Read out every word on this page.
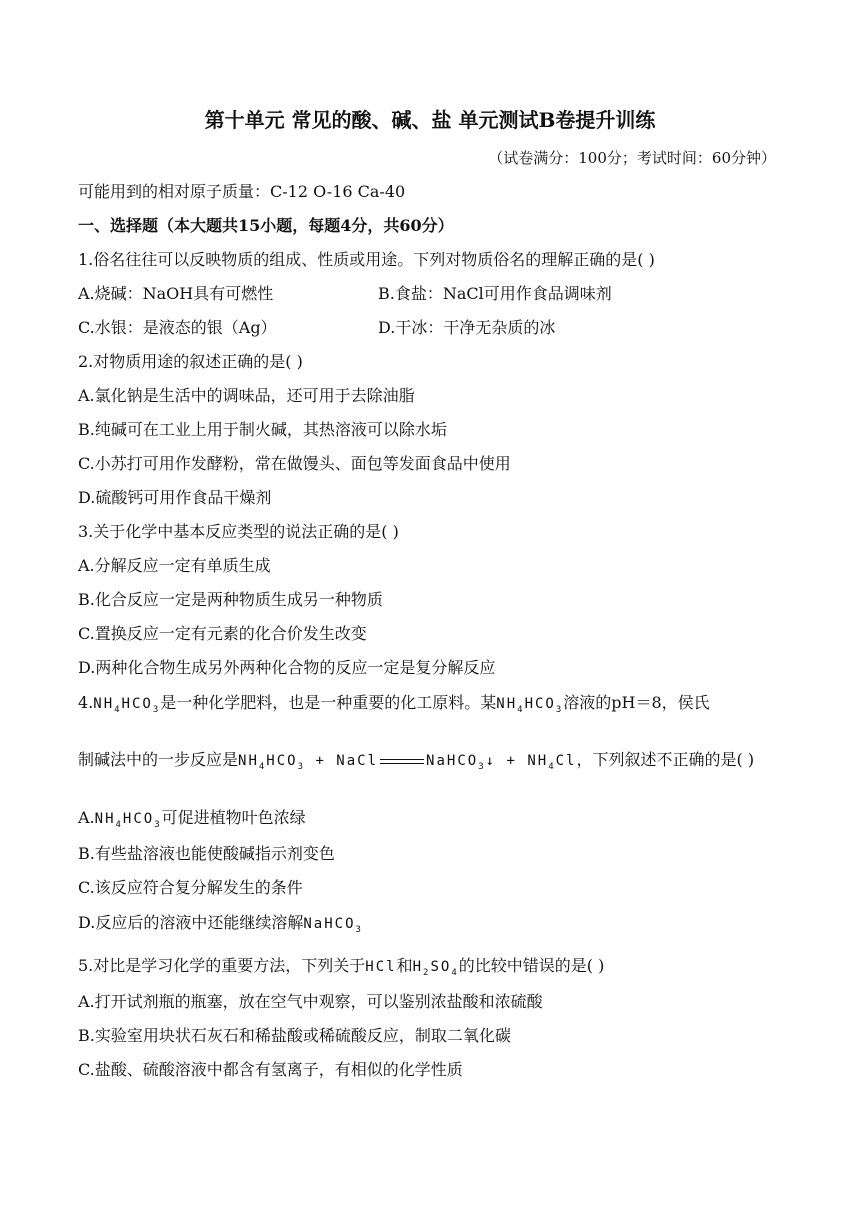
第十单元 常见的酸、碱、盐 单元测试B卷提升训练
（试卷满分：100分；考试时间：60分钟）
可能用到的相对原子质量：C-12 O-16 Ca-40
一、选择题（本大题共15小题，每题4分，共60分）
1.俗名往往可以反映物质的组成、性质或用途。下列对物质俗名的理解正确的是( )
A.烧碱：NaOH具有可燃性	B.食盐：NaCl可用作食品调味剂
C.水银：是液态的银（Ag）	D.干冰：干净无杂质的冰
2.对物质用途的叙述正确的是( )
A.氯化钠是生活中的调味品，还可用于去除油脂
B.纯碱可在工业上用于制火碱，其热溶液可以除水垢
C.小苏打可用作发酵粉，常在做馒头、面包等发面食品中使用
D.硫酸钙可用作食品干燥剂
3.关于化学中基本反应类型的说法正确的是( )
A.分解反应一定有单质生成
B.化合反应一定是两种物质生成另一种物质
C.置换反应一定有元素的化合价发生改变
D.两种化合物生成另外两种化合物的反应一定是复分解反应
$4.NH_4HCO_3$是一种化学肥料，也是一种重要的化工原料。某$NH_4HCO_3$溶液的pH＝8，侯氏
制碱法中的一步反应是$NH_4HCO_3$ + NaCl	NaHCO$_3$↓ + $NH_4Cl$，下列叙述不正确的是( )
$A.NH_4HCO_3$可促进植物叶色浓绿
B.有些盐溶液也能使酸碱指示剂变色
C.该反应符合复分解发生的条件
D.反应后的溶液中还能继续溶解NaHCO$_3$
5.对比是学习化学的重要方法，下列关于HCl和$H_2SO_4$的比较中错误的是( )
A.打开试剂瓶的瓶塞，放在空气中观察，可以鉴别浓盐酸和浓硫酸
B.实验室用块状石灰石和稀盐酸或稀硫酸反应，制取二氧化碳
C.盐酸、硫酸溶液中都含有氢离子，有相似的化学性质
